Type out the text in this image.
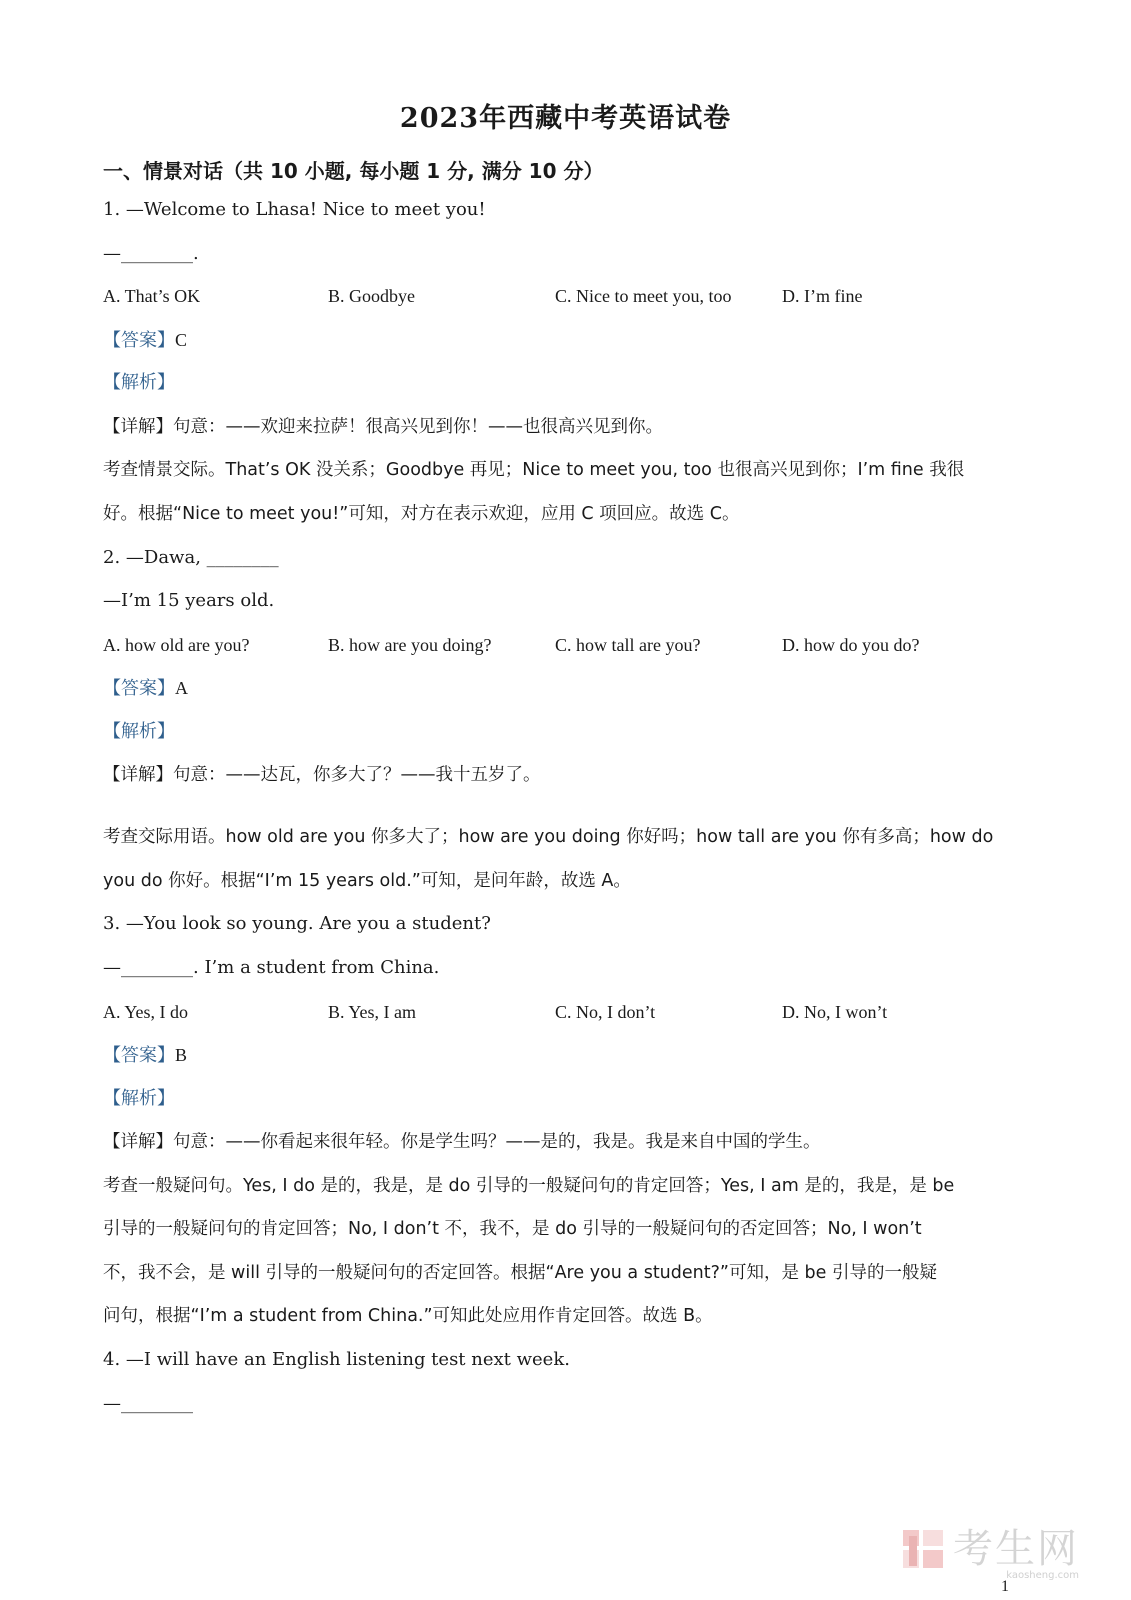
2023年西藏中考英语试卷
一、情景对话（共 10 小题, 每小题 1 分, 满分 10 分）
1. —Welcome to Lhasa! Nice to meet you!
—________.
A. That’s OK	B. Goodbye	C. Nice to meet you, too	D. I’m fine
【答案】C
【解析】
【详解】句意：——欢迎来拉萨！很高兴见到你！——也很高兴见到你。
考查情景交际。That’s OK 没关系；Goodbye 再见；Nice to meet you, too 也很高兴见到你；I’m fine 我很
好。根据“Nice to meet you!”可知，对方在表示欢迎，应用 C 项回应。故选 C。
2. —Dawa, ________
—I’m 15 years old.
A. how old are you?	B. how are you doing?	C. how tall are you?	D. how do you do?
【答案】A
【解析】
【详解】句意：——达瓦，你多大了？——我十五岁了。
考查交际用语。how old are you 你多大了；how are you doing 你好吗；how tall are you 你有多高；how do
you do 你好。根据“I’m 15 years old.”可知，是问年龄，故选 A。
3. —You look so young. Are you a student?
—________. I’m a student from China.
A. Yes, I do	B. Yes, I am	C. No, I don’t	D. No, I won’t
【答案】B
【解析】
【详解】句意：——你看起来很年轻。你是学生吗？——是的，我是。我是来自中国的学生。
考查一般疑问句。Yes, I do 是的，我是，是 do 引导的一般疑问句的肯定回答；Yes, I am 是的，我是，是 be
引导的一般疑问句的肯定回答；No, I don’t 不，我不，是 do 引导的一般疑问句的否定回答；No, I won’t
不，我不会，是 will 引导的一般疑问句的否定回答。根据“Are you a student?”可知，是 be 引导的一般疑
问句，根据“I’m a student from China.”可知此处应用作肯定回答。故选 B。
4. —I will have an English listening test next week.
—________
考生网
kaosheng.com
1
